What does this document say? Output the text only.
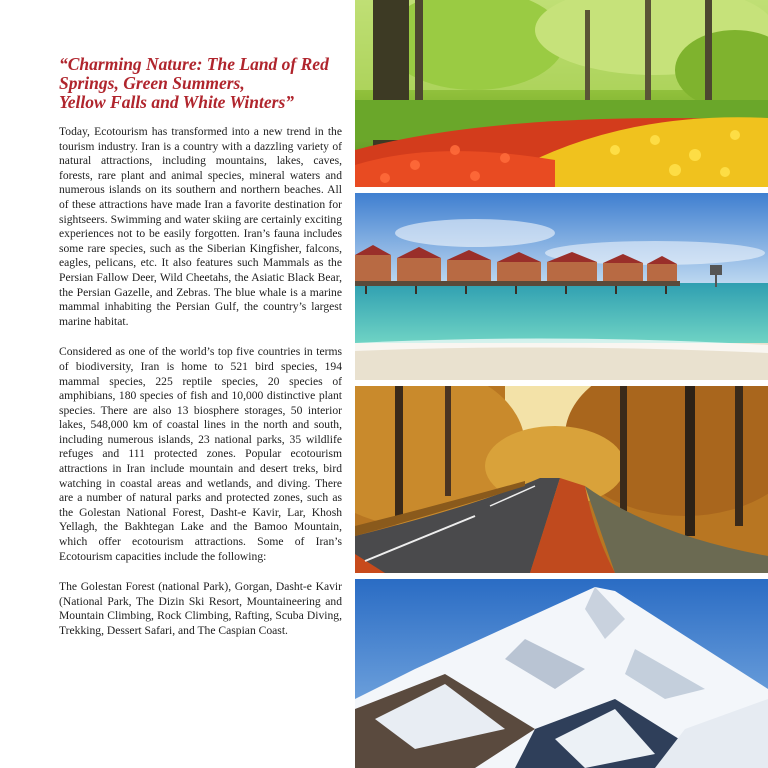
“Charming Nature: The Land of Red
Springs, Green Summers,
Yellow Falls and White Winters”

Today, Ecotourism has transformed into a new trend in the tourism industry. Iran is a country with a dazzling variety of natural attractions, including mountains, lakes, caves, forests, rare plant and animal species, mineral waters and numerous islands on its southern and northern beaches. All of these attractions have made Iran a favorite destination for sightseers. Swimming and water skiing are certainly exciting experiences not to be easily forgotten. Iran’s fauna includes some rare species, such as the Siberian Kingfisher, falcons, eagles, pelicans, etc. It also features such Mammals as the Persian Fallow Deer, Wild Cheetahs, the Asiatic Black Bear, the Persian Gazelle, and Zebras. The blue whale is a marine mammal inhabiting the Persian Gulf, the country’s largest marine habitat.

Considered as one of the world’s top five countries in terms of biodiversity, Iran is home to 521 bird species, 194 mammal species, 225 reptile species, 20 species of amphibians, 180 species of fish and 10,000 distinctive plant species. There are also 13 biosphere storages, 50 interior lakes, 548,000 km of coastal lines in the north and south, including numerous islands, 23 national parks, 35 wildlife refuges and 111 protected zones. Popular ecotourism attractions in Iran include mountain and desert treks, bird watching in coastal areas and wetlands, and diving. There are a number of natural parks and protected zones, such as the Golestan National Forest, Dasht-e Kavir, Lar, Khosh Yellagh, the Bakhtegan Lake and the Bamoo Mountain, which offer ecotourism attractions. Some of Iran’s Ecotourism capacities include the following:

The Golestan Forest (national Park), Gorgan, Dasht-e Kavir (National Park, The Dizin Ski Resort, Mountaineering and Mountain Climbing, Rock Climbing, Rafting, Scuba Diving, Trekking, Dessert Safari, and The Caspian Coast.
